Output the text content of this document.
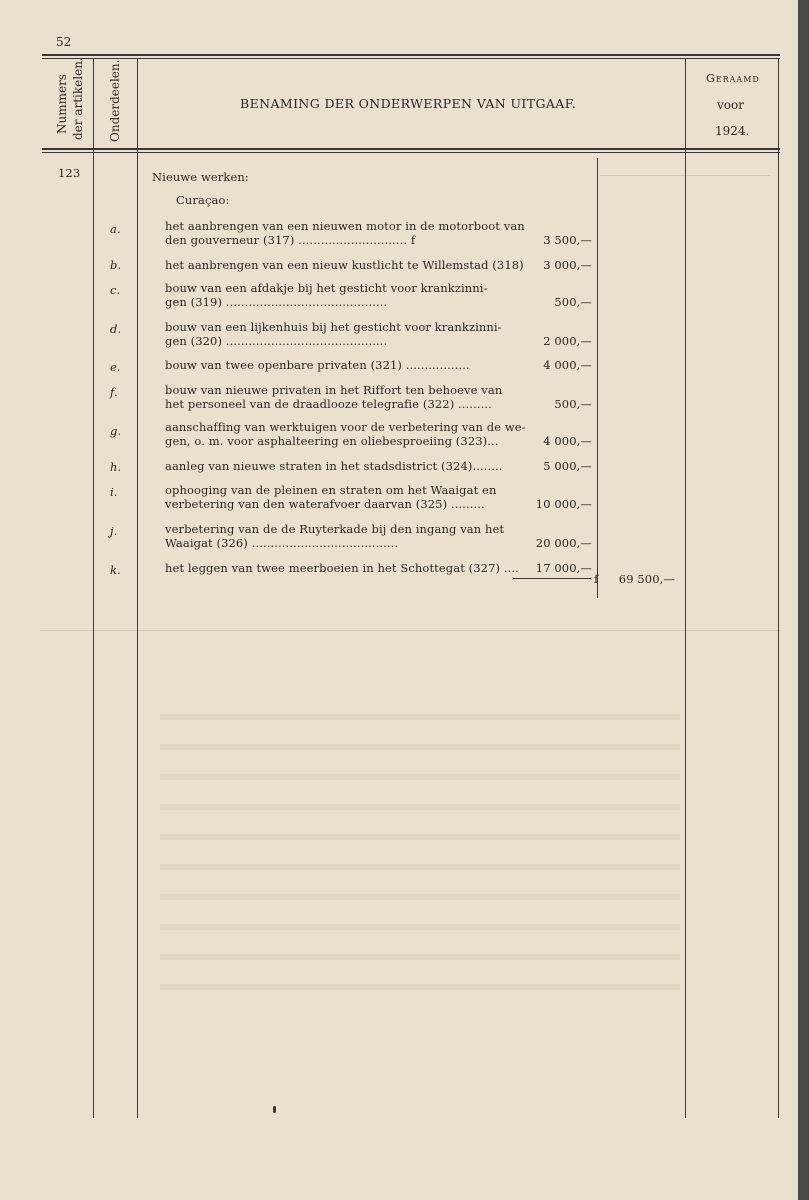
52
Nummers der artikelen. Onderdeelen.	BENAMING DER ONDERWERPEN VAN UITGAAF.
Geraamd
voor
1924.
123	Nieuwe werken:
Curaçao:
a.	het aanbrengen van een nieuwen motor in de motorboot van
den gouverneur (317) ............................. f	3 500,—
b.	het aanbrengen van een nieuw kustlicht te Willemstad (318)	3 000,—
c.	bouw van een afdakje bij het gesticht voor krankzinni-
gen (319) ...........................................	500,—
d.	bouw van een lijkenhuis bij het gesticht voor krankzinni-
gen (320) ...........................................	2 000,—
e.	bouw van twee openbare privaten (321) .................	4 000,—
f.	bouw van nieuwe privaten in het Riffort ten behoeve van
het personeel van de draadlooze telegrafie (322) .........	500,—
g.	aanschaffing van werktuigen voor de verbetering van de we-
gen, o. m. voor asphalteering en oliebesproeiing (323)...	4 000,—
h.	aanleg van nieuwe straten in het stadsdistrict (324)........	5 000,—
i.	ophooging van de pleinen en straten om het Waaigat en
verbetering van den waterafvoer daarvan (325) .........	10 000,—
j.	verbetering van de de Ruyterkade bij den ingang van het
Waaigat (326) .......................................	20 000,—
k.	het leggen van twee meerboeien in het Schottegat (327) ....	17 000,—
f	69 500,—
